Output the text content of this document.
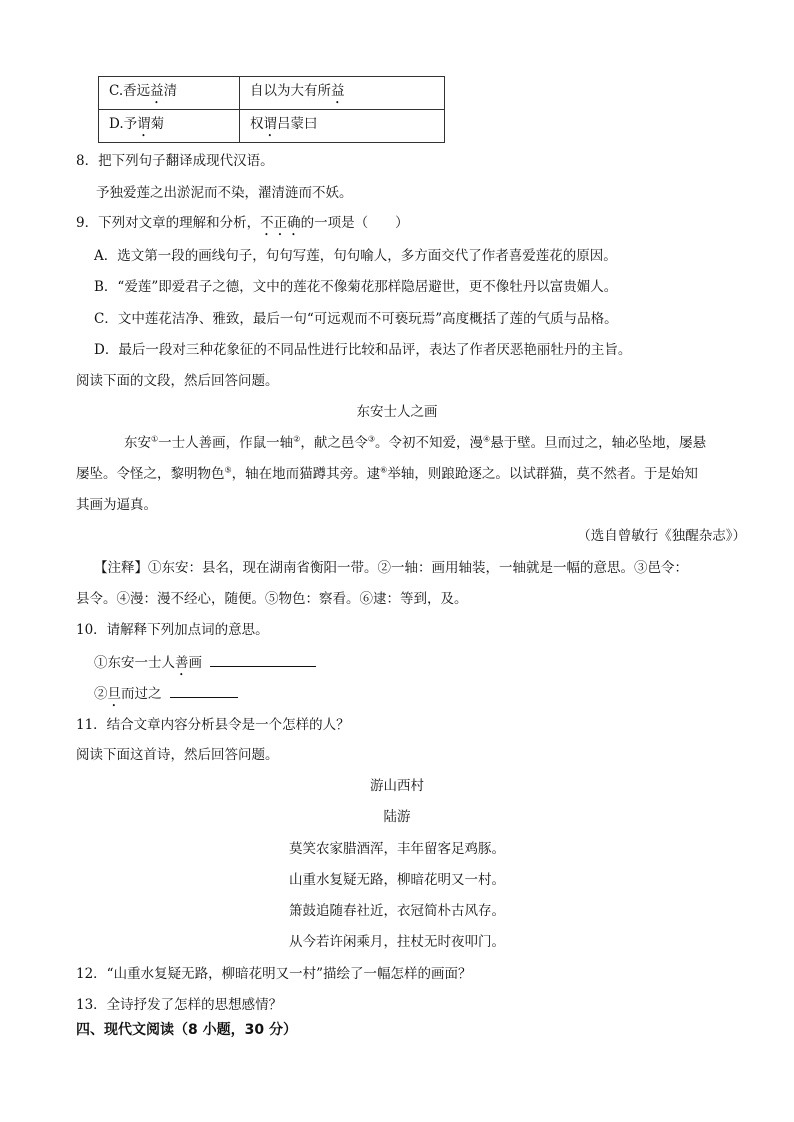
C.香远益清	自以为大有所益
D.予谓菊	权谓吕蒙曰
8．把下列句子翻译成现代汉语。
予独爱莲之出淤泥而不染，濯清涟而不妖。
9．下列对文章的理解和分析，不正确的一项是（　　）
A．选文第一段的画线句子，句句写莲，句句喻人，多方面交代了作者喜爱莲花的原因。
B．“爱莲”即爱君子之德，文中的莲花不像菊花那样隐居避世，更不像牡丹以富贵媚人。
C．文中莲花洁净、雅致，最后一句“可远观而不可亵玩焉”高度概括了莲的气质与品格。
D．最后一段对三种花象征的不同品性进行比较和品评，表达了作者厌恶艳丽牡丹的主旨。
阅读下面的文段，然后回答问题。
东安士人之画
东安①一士人善画，作鼠一轴②，献之邑令③。令初不知爱，漫④悬于壁。旦而过之，轴必坠地，屡悬
屡坠。令怪之，黎明物色⑤，轴在地而猫蹲其旁。逮⑥举轴，则踉跄逐之。以试群猫，莫不然者。于是始知
其画为逼真。
（选自曾敏行《独醒杂志》）
【注释】①东安：县名，现在湖南省衡阳一带。②一轴：画用轴装，一轴就是一幅的意思。③邑令：
县令。④漫：漫不经心，随便。⑤物色：察看。⑥逮：等到，及。
10．请解释下列加点词的意思。
①东安一士人善画
②旦而过之
11．结合文章内容分析县令是一个怎样的人？
阅读下面这首诗，然后回答问题。
游山西村
陆游
莫笑农家腊酒浑，丰年留客足鸡豚。
山重水复疑无路，柳暗花明又一村。
箫鼓追随春社近，衣冠简朴古风存。
从今若许闲乘月，拄杖无时夜叩门。
12．“山重水复疑无路，柳暗花明又一村”描绘了一幅怎样的画面？
13．全诗抒发了怎样的思想感情？
四、现代文阅读（8 小题，30 分）
